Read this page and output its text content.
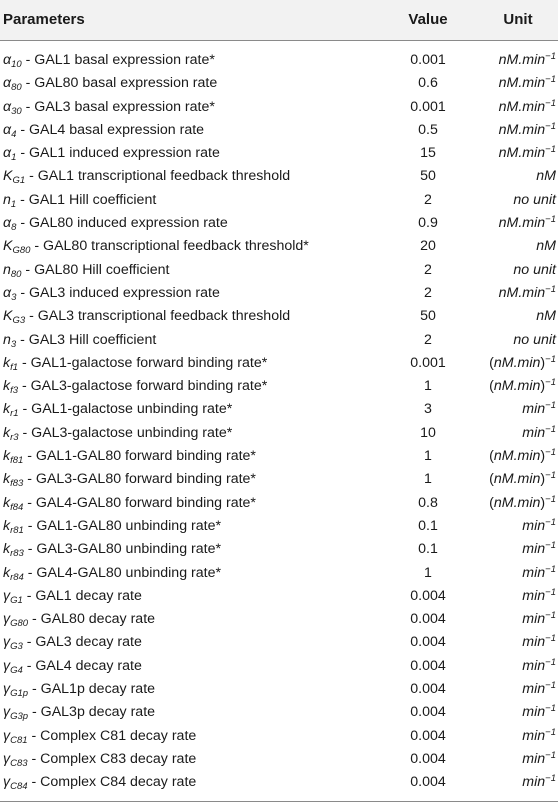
Parameters	Value	Unit
$\alpha_{10} - GAL1$ basal expression rate*	0.001	$nM.\min^{-1}$
$\alpha_{80} - GAL80$ basal expression rate	0.6	$nM.\min^{-1}$
$\alpha_{30} - GAL3$ basal expression rate*	0.001	$nM.\min^{-1}$
$\alpha_4 - GAL4$ basal expression rate	0.5	$nM.\min^{-1}$
$\alpha_1 - GAL1$ induced expression rate	15	$nM.\min^{-1}$
$K_{G1} - GAL1$ transcriptional feedback threshold	50	nM
$n_1 - GAL1$ Hill coefficient	2	no unit
$\alpha_8 - GAL80$ induced expression rate	0.9	$nM.\min^{-1}$
$K_{G80} - GAL80$ transcriptional feedback threshold*	20	nM
$n_{80} - GAL80$ Hill coefficient	2	no unit
$\alpha_3 - GAL3$ induced expression rate	2	$nM.\min^{-1}$
$K_{G3} - GAL3$ transcriptional feedback threshold	50	nM
$n_3 - GAL3$ Hill coefficient	2	no unit
$k_{f1}$ - GAL1-galactose forward binding rate*	0.001	$(nM.\min)^{-1}$
$k_{f3}$ - GAL3-galactose forward binding rate*	1	$(nM.\min)^{-1}$
$k_{r1}$ - GAL1-galactose unbinding rate*	3	$\min^{-1}$
$k_{r3}$ - GAL3-galactose unbinding rate*	10	$\min^{-1}$
$k_{f81} - GAL1-GAL80$ forward binding rate*	1	$(nM.\min)^{-1}$
$k_{f83} - GAL3-GAL80$ forward binding rate*	1	$(nM.\min)^{-1}$
$k_{f84} - GAL4-GAL80$ forward binding rate*	0.8	$(nM.\min)^{-1}$
$k_{r81} - GAL1-GAL80$ unbinding rate*	0.1	$\min^{-1}$
$k_{r83} - GAL3-GAL80$ unbinding rate*	0.1	$\min^{-1}$
$k_{r84} - GAL4-GAL80$ unbinding rate*	1	$\min^{-1}$
$\gamma_{G1} - GAL1$ decay rate	0.004	$\min^{-1}$
$\gamma_{G80} - GAL80$ decay rate	0.004	$\min^{-1}$
$\gamma_{G3} - GAL3$ decay rate	0.004	$\min^{-1}$
$\gamma_{G4} - GAL4$ decay rate	0.004	$\min^{-1}$
$\gamma_{G1p} - GAL1p$ decay rate	0.004	$\min^{-1}$
$\gamma_{G3p} - GAL3p$ decay rate	0.004	$\min^{-1}$
$\gamma_{C81}$ - Complex C81 decay rate	0.004	$\min^{-1}$
$\gamma_{C83}$ - Complex C83 decay rate	0.004	$\min^{-1}$
$\gamma_{C84}$ - Complex C84 decay rate	0.004	$\min^{-1}$
